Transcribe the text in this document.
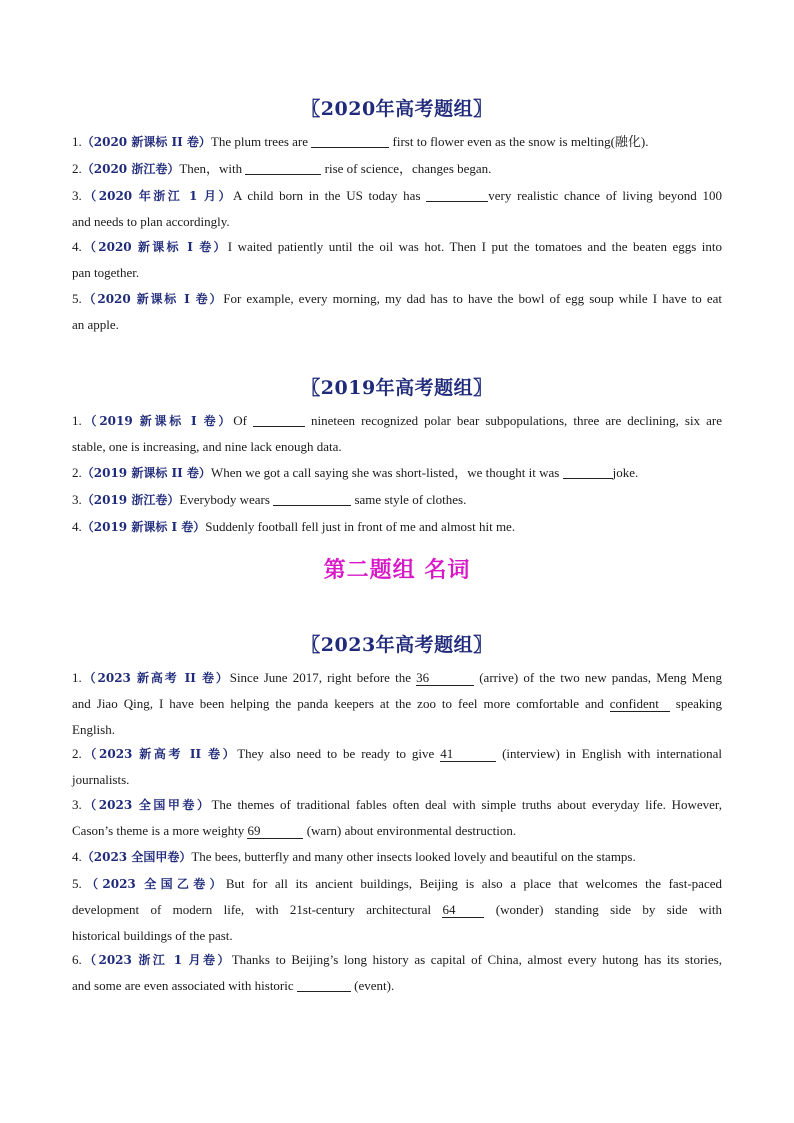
〖2020年高考题组〗
1.（2020 新课标 II 卷）The plum trees are	first to flower even as the snow is melting(融化).
2.（2020 浙江卷）Then，with	rise of science，changes began.
3.（2020 年浙江 1 月）A child born in the US today has	very realistic chance of living beyond 100
and needs to plan accordingly.
4.（2020 新课标 I 卷）I waited patiently until the oil was hot. Then I put the tomatoes and the beaten eggs into
pan together.
5.（2020 新课标 I 卷）For example, every morning, my dad has to have the bowl of egg soup while I have to eat
an apple.
〖2019年高考题组〗
1.（2019 新课标 I 卷）Of	nineteen recognized polar bear subpopulations, three are declining, six are
stable, one is increasing, and nine lack enough data.
2.（2019 新课标 II 卷）When we got a call saying she was short-listed，we thought it was	joke.
3.（2019 浙江卷）Everybody wears	same style of clothes.
4.（2019 新课标 I 卷）Suddenly football fell just in front of me and almost hit me.
第二题组 名词
〖2023年高考题组〗
1.（2023 新高考 II 卷）Since June 2017, right before the 36	(arrive) of the two new pandas, Meng Meng
and Jiao Qing, I have been helping the panda keepers at the zoo to feel more comfortable and confident speaking
English.
2.（2023 新高考 II 卷）They also need to be ready to give 41	(interview) in English with international
journalists.
3.（2023 全国甲卷）The themes of traditional fables often deal with simple truths about everyday life. However,
Cason’s theme is a more weighty 69	(warn) about environmental destruction.
4.（2023 全国甲卷）The bees, butterfly and many other insects looked lovely and beautiful on the stamps.
5.（2023 全国乙卷）But for all its ancient buildings, Beijing is also a place that welcomes the fast-paced
development of modern life, with 21st-century architectural 64 (wonder) standing side by side with
historical buildings of the past.
6.（2023 浙江 1 月卷）Thanks to Beijing’s long history as capital of China, almost every hutong has its stories,
and some are even associated with historic	(event).
